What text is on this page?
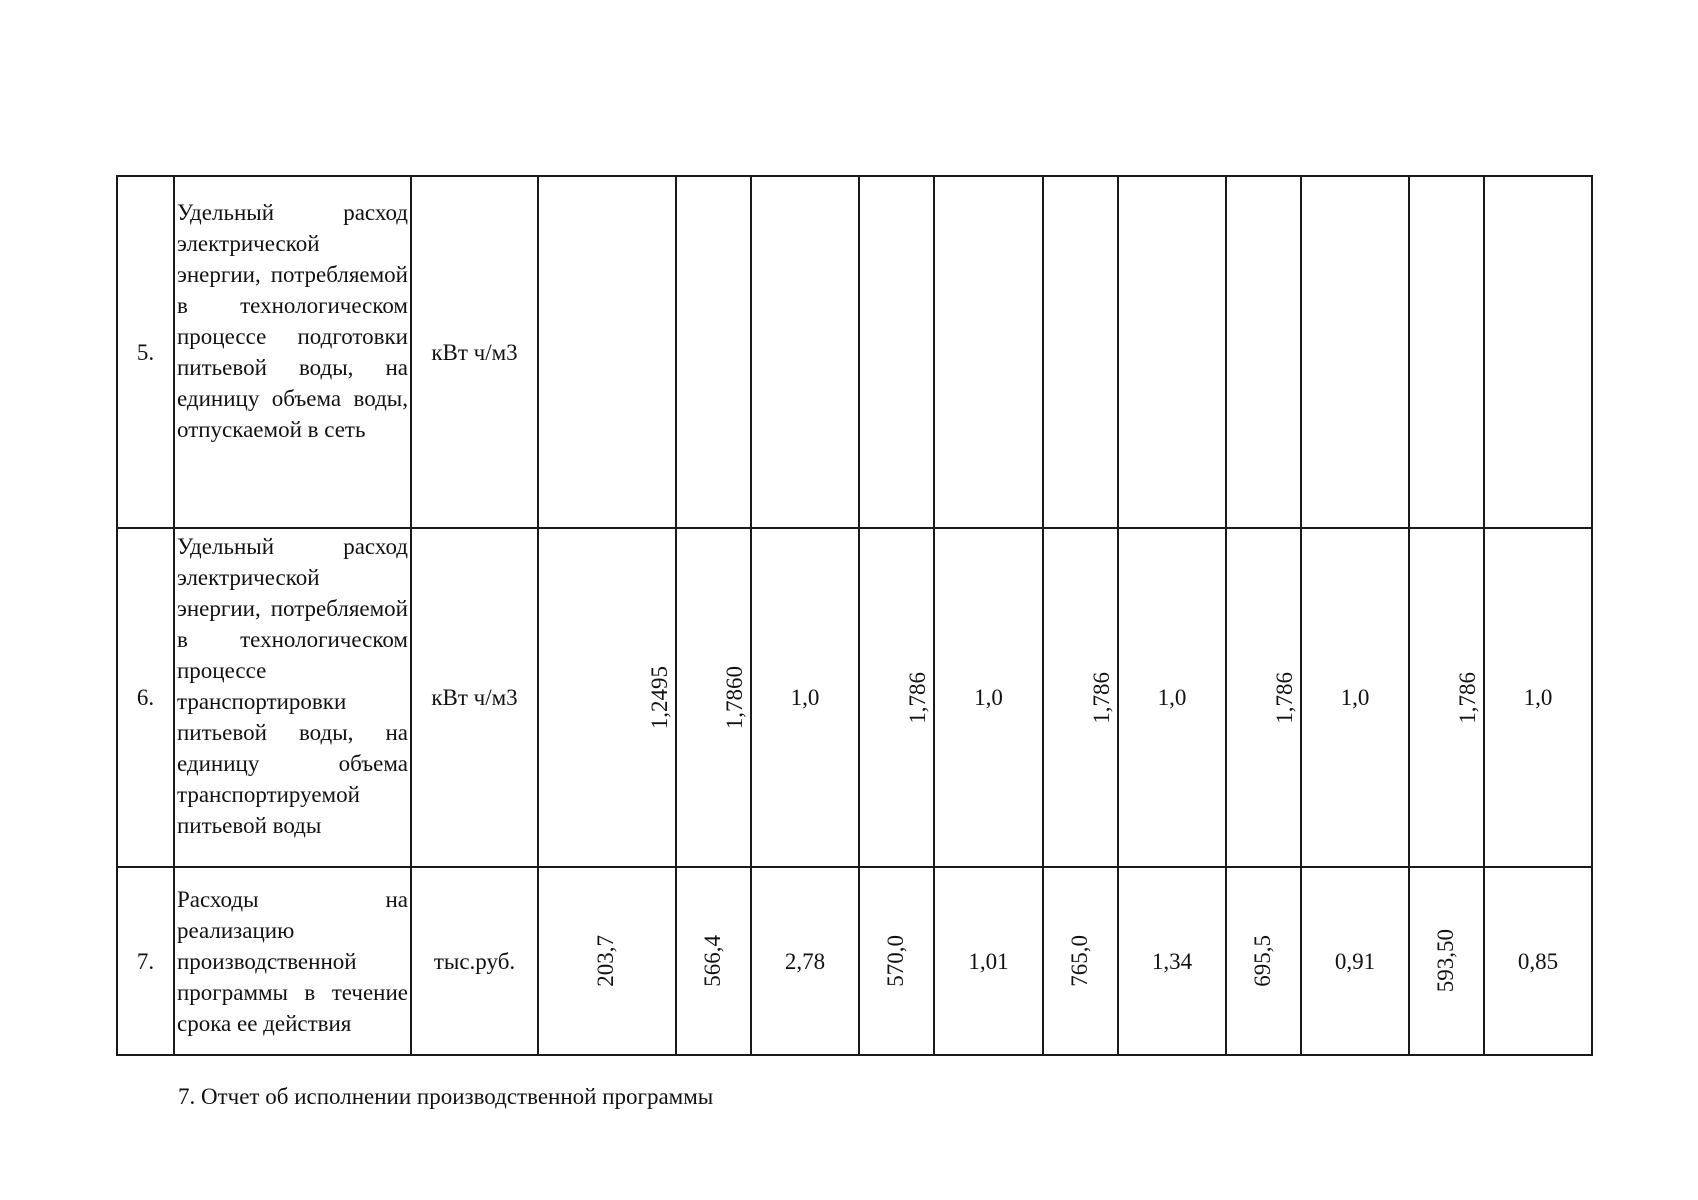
5.	Удельный расход электрической энергии, потребляемой в технологическом процессе подготовки питьевой воды, на единицу объема воды, отпускаемой в сеть	кВт ч/м3											
6.	Удельный расход электрической энергии, потребляемой в технологическом процессе транспортировки питьевой воды, на единицу объема транспортируемой питьевой воды	кВт ч/м3	1,2495	1,7860	1,0	1,786	1,0	1,786	1,0	1,786	1,0	1,786	1,0
7.	Расходы на реализацию производственной программы в течение срока ее действия	тыс.руб.	203,7	566,4	2,78	570,0	1,01	765,0	1,34	695,5	0,91	593,50	0,85
7. Отчет об исполнении производственной программы
